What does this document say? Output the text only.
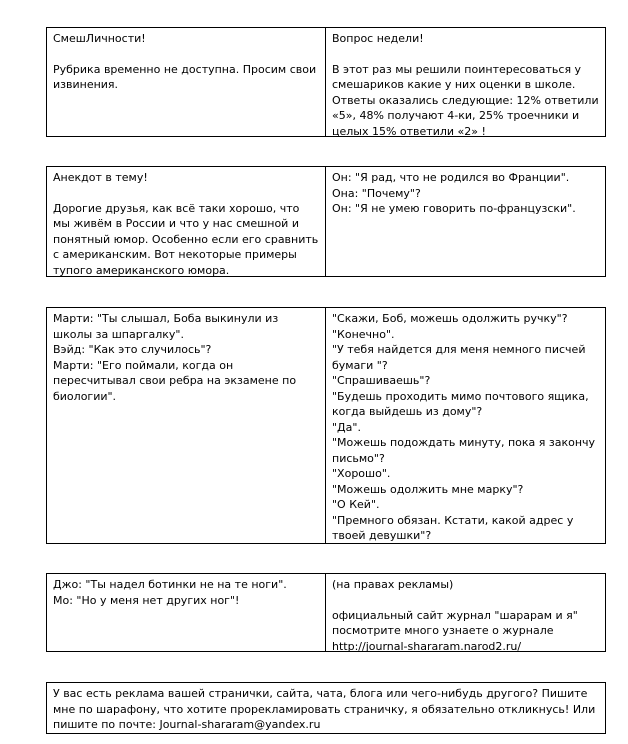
СмешЛичности!

Рубрика временно не доступна. Просим свои извинения.

Вопрос недели!

В этот раз мы решили поинтересоваться у смешариков какие у них оценки в школе. Ответы оказались следующие: 12% ответили «5», 48% получают 4-ки, 25% троечники и целых 15% ответили «2» !

Анекдот в тему!

Дорогие друзья, как всё таки хорошо, что мы живём в России и что у нас смешной и понятный юмор. Особенно если его сравнить с американским. Вот некоторые примеры тупого американского юмора.

Он: "Я рад, что не родился во Франции".
Она: "Почему"?
Он: "Я не умею говорить по-французски".
Марти: "Ты слышал, Боба выкинули из школы за шпаргалку".
Вэйд: "Как это случилось"?
Марти: "Его поймали, когда он пересчитывал свои ребра на экзамене по
биологии".
"Скажи, Боб, можешь одолжить ручку"?
"Конечно".
"У тебя найдется для меня немного писчей бумаги "?
"Спрашиваешь"?
"Будешь проходить мимо почтового ящика, когда выйдешь из дому"?
"Да".
"Можешь подождать минуту, пока я закончу письмо"?
"Хорошо".
"Можешь одолжить мне марку"?
"О Кей".
"Премного обязан. Кстати, какой адрес у твоей девушки"?
Джо: "Ты надел ботинки не на те ноги".
Мо: "Но у меня нет других ног"!

(на правах рекламы)

официальный сайт журнал "шарарам и я" посмотрите много узнаете о журнале

http://journal-shararam.narod2.ru/

У вас есть реклама вашей странички, сайта, чата, блога или чего-нибудь другого? Пишите мне по шарафону, что хотите прорекламировать страничку, я обязательно откликнусь! Или пишите по почте: Journal-shararam@yandex.ru
